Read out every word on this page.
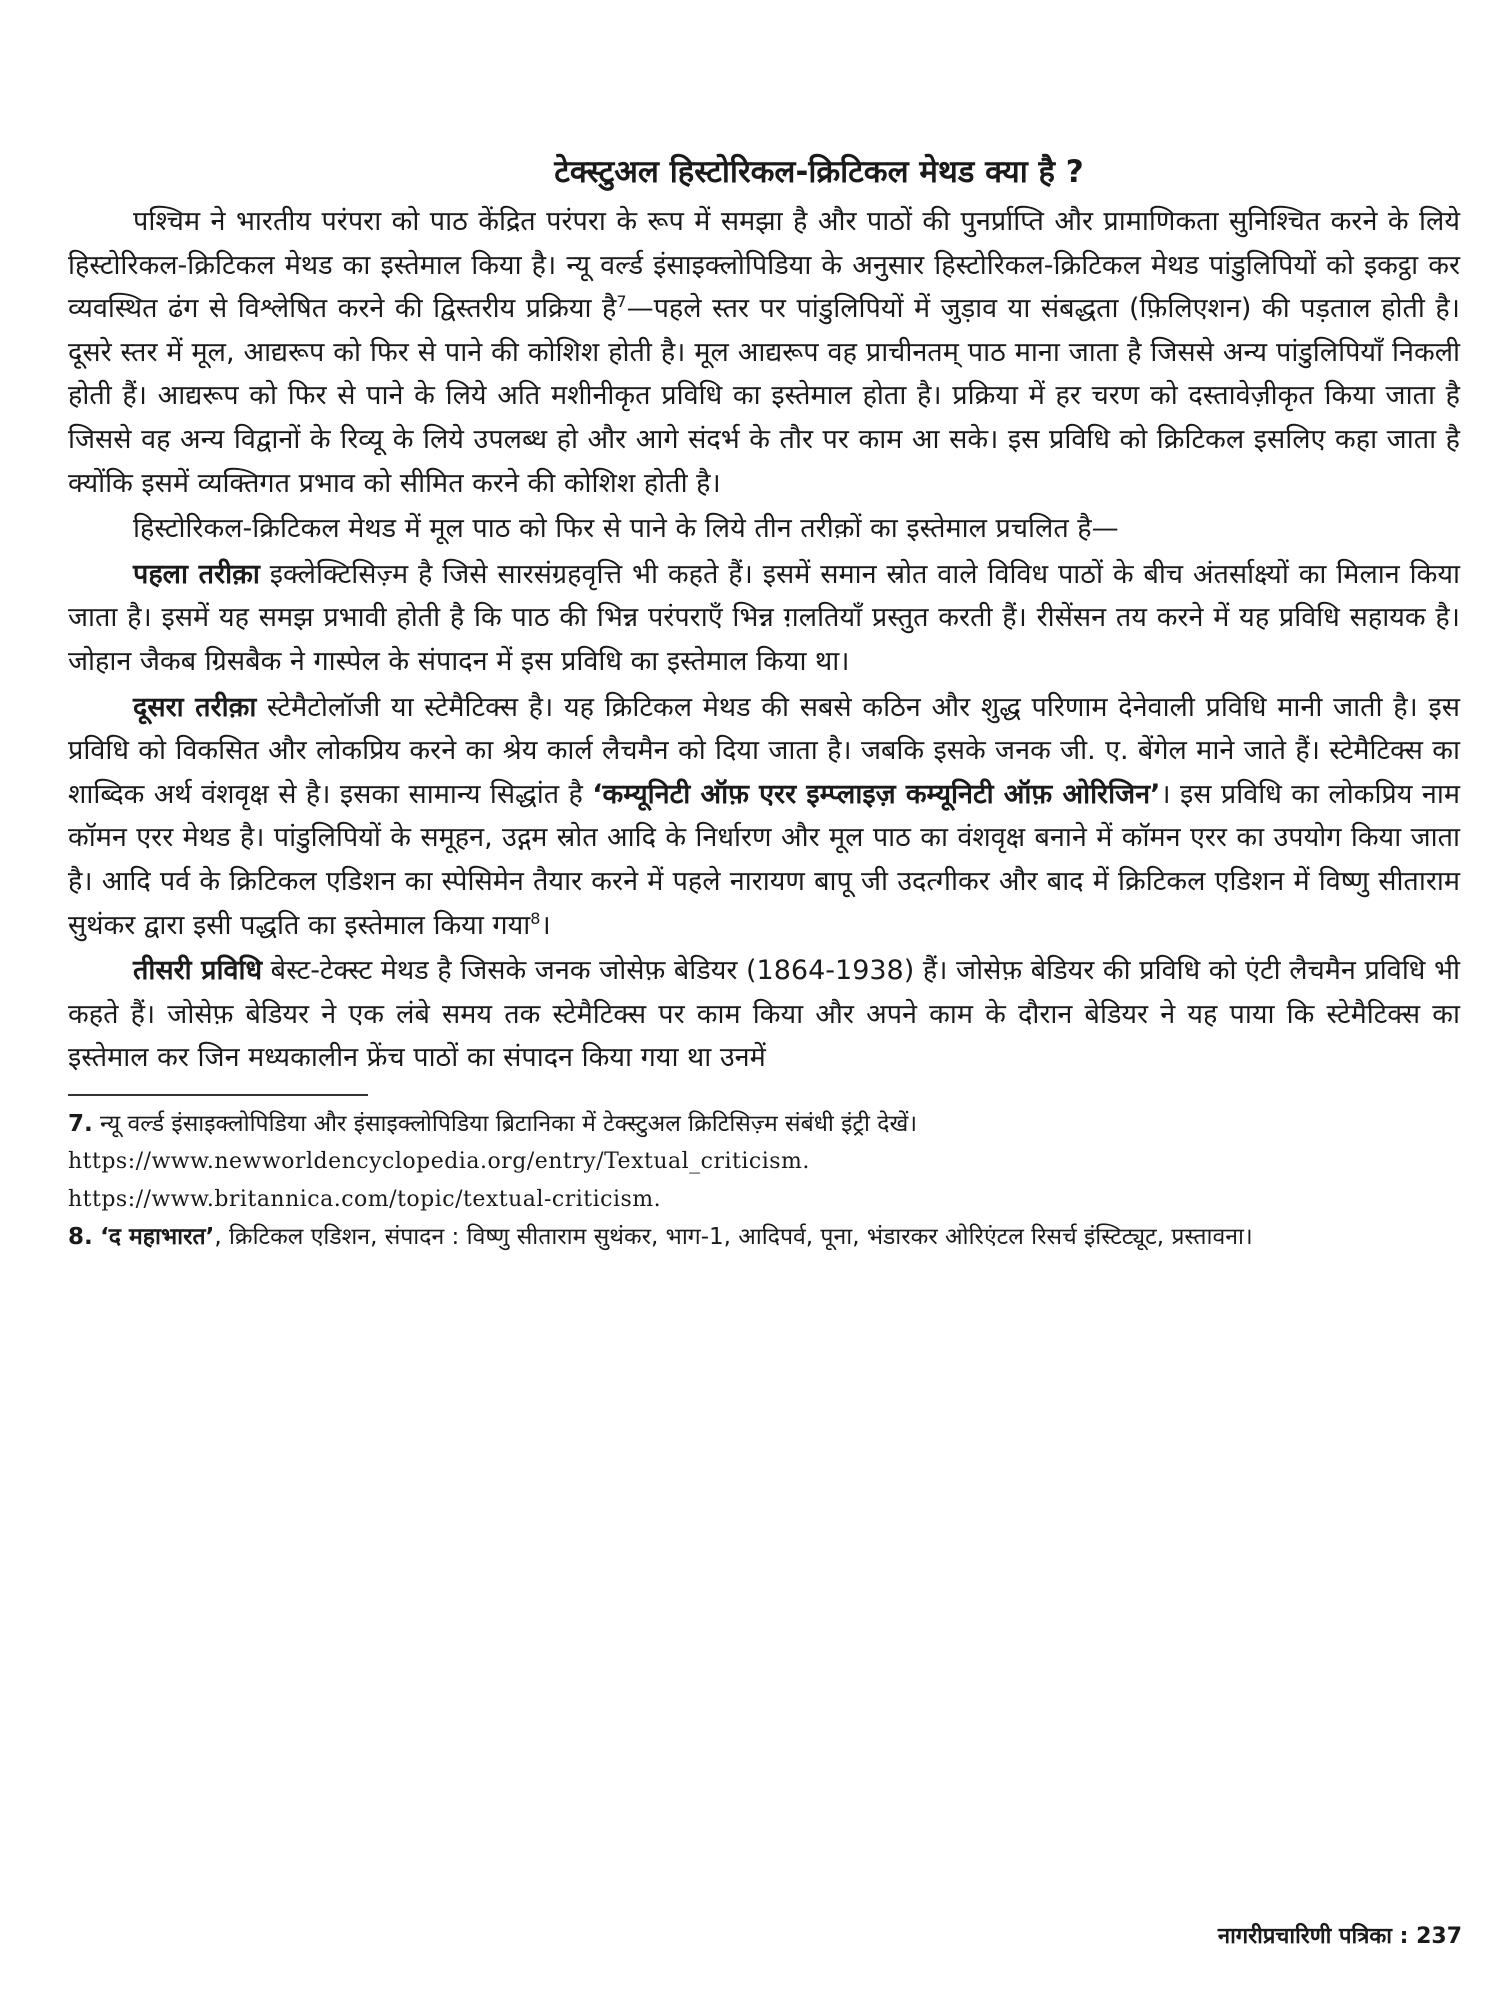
टेक्स्टुअल हिस्टोरिकल-क्रिटिकल मेथड क्या है ?

पश्चिम ने भारतीय परंपरा को पाठ केंद्रित परंपरा के रूप में समझा है और पाठों की पुनर्प्राप्ति और प्रामाणिकता सुनिश्चित करने के लिये हिस्टोरिकल-क्रिटिकल मेथड का इस्तेमाल किया है। न्यू वर्ल्ड इंसाइक्लोपिडिया के अनुसार हिस्टोरिकल-क्रिटिकल मेथड पांडुलिपियों को इकट्ठा कर व्यवस्थित ढंग से विश्लेषित करने की द्विस्तरीय प्रक्रिया है$^7$—पहले स्तर पर पांडुलिपियों में जुड़ाव या संबद्धता (फ़िलिएशन) की पड़ताल होती है। दूसरे स्तर में मूल, आद्यरूप को फिर से पाने की कोशिश होती है। मूल आद्यरूप वह प्राचीनतम् पाठ माना जाता है जिससे अन्य पांडुलिपियाँ निकली होती हैं। आद्यरूप को फिर से पाने के लिये अति मशीनीकृत प्रविधि का इस्तेमाल होता है। प्रक्रिया में हर चरण को दस्तावेज़ीकृत किया जाता है जिससे वह अन्य विद्वानों के रिव्यू के लिये उपलब्ध हो और आगे संदर्भ के तौर पर काम आ सके। इस प्रविधि को क्रिटिकल इसलिए कहा जाता है क्योंकि इसमें व्यक्तिगत प्रभाव को सीमित करने की कोशिश होती है।

हिस्टोरिकल-क्रिटिकल मेथड में मूल पाठ को फिर से पाने के लिये तीन तरीक़ों का इस्तेमाल प्रचलित है—

पहला तरीक़ा इक्लेक्टिसिज़्म है जिसे सारसंग्रहवृत्ति भी कहते हैं। इसमें समान स्रोत वाले विविध पाठों के बीच अंतर्साक्ष्यों का मिलान किया जाता है। इसमें यह समझ प्रभावी होती है कि पाठ की भिन्न परंपराएँ भिन्न ग़लतियाँ प्रस्तुत करती हैं। रीसेंसन तय करने में यह प्रविधि सहायक है। जोहान जैकब ग्रिसबैक ने गास्पेल के संपादन में इस प्रविधि का इस्तेमाल किया था।

दूसरा तरीक़ा स्टेमैटोलॉजी या स्टेमैटिक्स है। यह क्रिटिकल मेथड की सबसे कठिन और शुद्ध परिणाम देनेवाली प्रविधि मानी जाती है। इस प्रविधि को विकसित और लोकप्रिय करने का श्रेय कार्ल लैचमैन को दिया जाता है। जबकि इसके जनक जी. ए. बेंगेल माने जाते हैं। स्टेमैटिक्स का शाब्दिक अर्थ वंशवृक्ष से है। इसका सामान्य सिद्धांत है ‘कम्यूनिटी ऑफ़ एरर इम्प्लाइज़ कम्यूनिटी ऑफ़ ओरिजिन’। इस प्रविधि का लोकप्रिय नाम कॉमन एरर मेथड है। पांडुलिपियों के समूहन, उद्गम स्रोत आदि के निर्धारण और मूल पाठ का वंशवृक्ष बनाने में कॉमन एरर का उपयोग किया जाता है। आदि पर्व के क्रिटिकल एडिशन का स्पेसिमेन तैयार करने में पहले नारायण बापू जी उदत्गीकर और बाद में क्रिटिकल एडिशन में विष्णु सीताराम सुथंकर द्वारा इसी पद्धति का इस्तेमाल किया गया$^8$।

तीसरी प्रविधि बेस्ट-टेक्स्ट मेथड है जिसके जनक जोसेफ़ बेडियर (1864-1938) हैं। जोसेफ़ बेडियर की प्रविधि को एंटी लैचमैन प्रविधि भी कहते हैं। जोसेफ़ बेडियर ने एक लंबे समय तक स्टेमैटिक्स पर काम किया और अपने काम के दौरान बेडियर ने यह पाया कि स्टेमैटिक्स का इस्तेमाल कर जिन मध्यकालीन फ्रेंच पाठों का संपादन किया गया था उनमें

7. न्यू वर्ल्ड इंसाइक्लोपिडिया और इंसाइक्लोपिडिया ब्रिटानिका में टेक्स्टुअल क्रिटिसिज़्म संबंधी इंट्री देखें।
https://www.newworldencyclopedia.org/entry/Textual_criticism.
https://www.britannica.com/topic/textual-criticism.
8. ‘द महाभारत’, क्रिटिकल एडिशन, संपादन : विष्णु सीताराम सुथंकर, भाग-1, आदिपर्व, पूना, भंडारकर ओरिएंटल रिसर्च इंस्टिट्यूट, प्रस्तावना।
नागरीप्रचारिणी पत्रिका : 237
